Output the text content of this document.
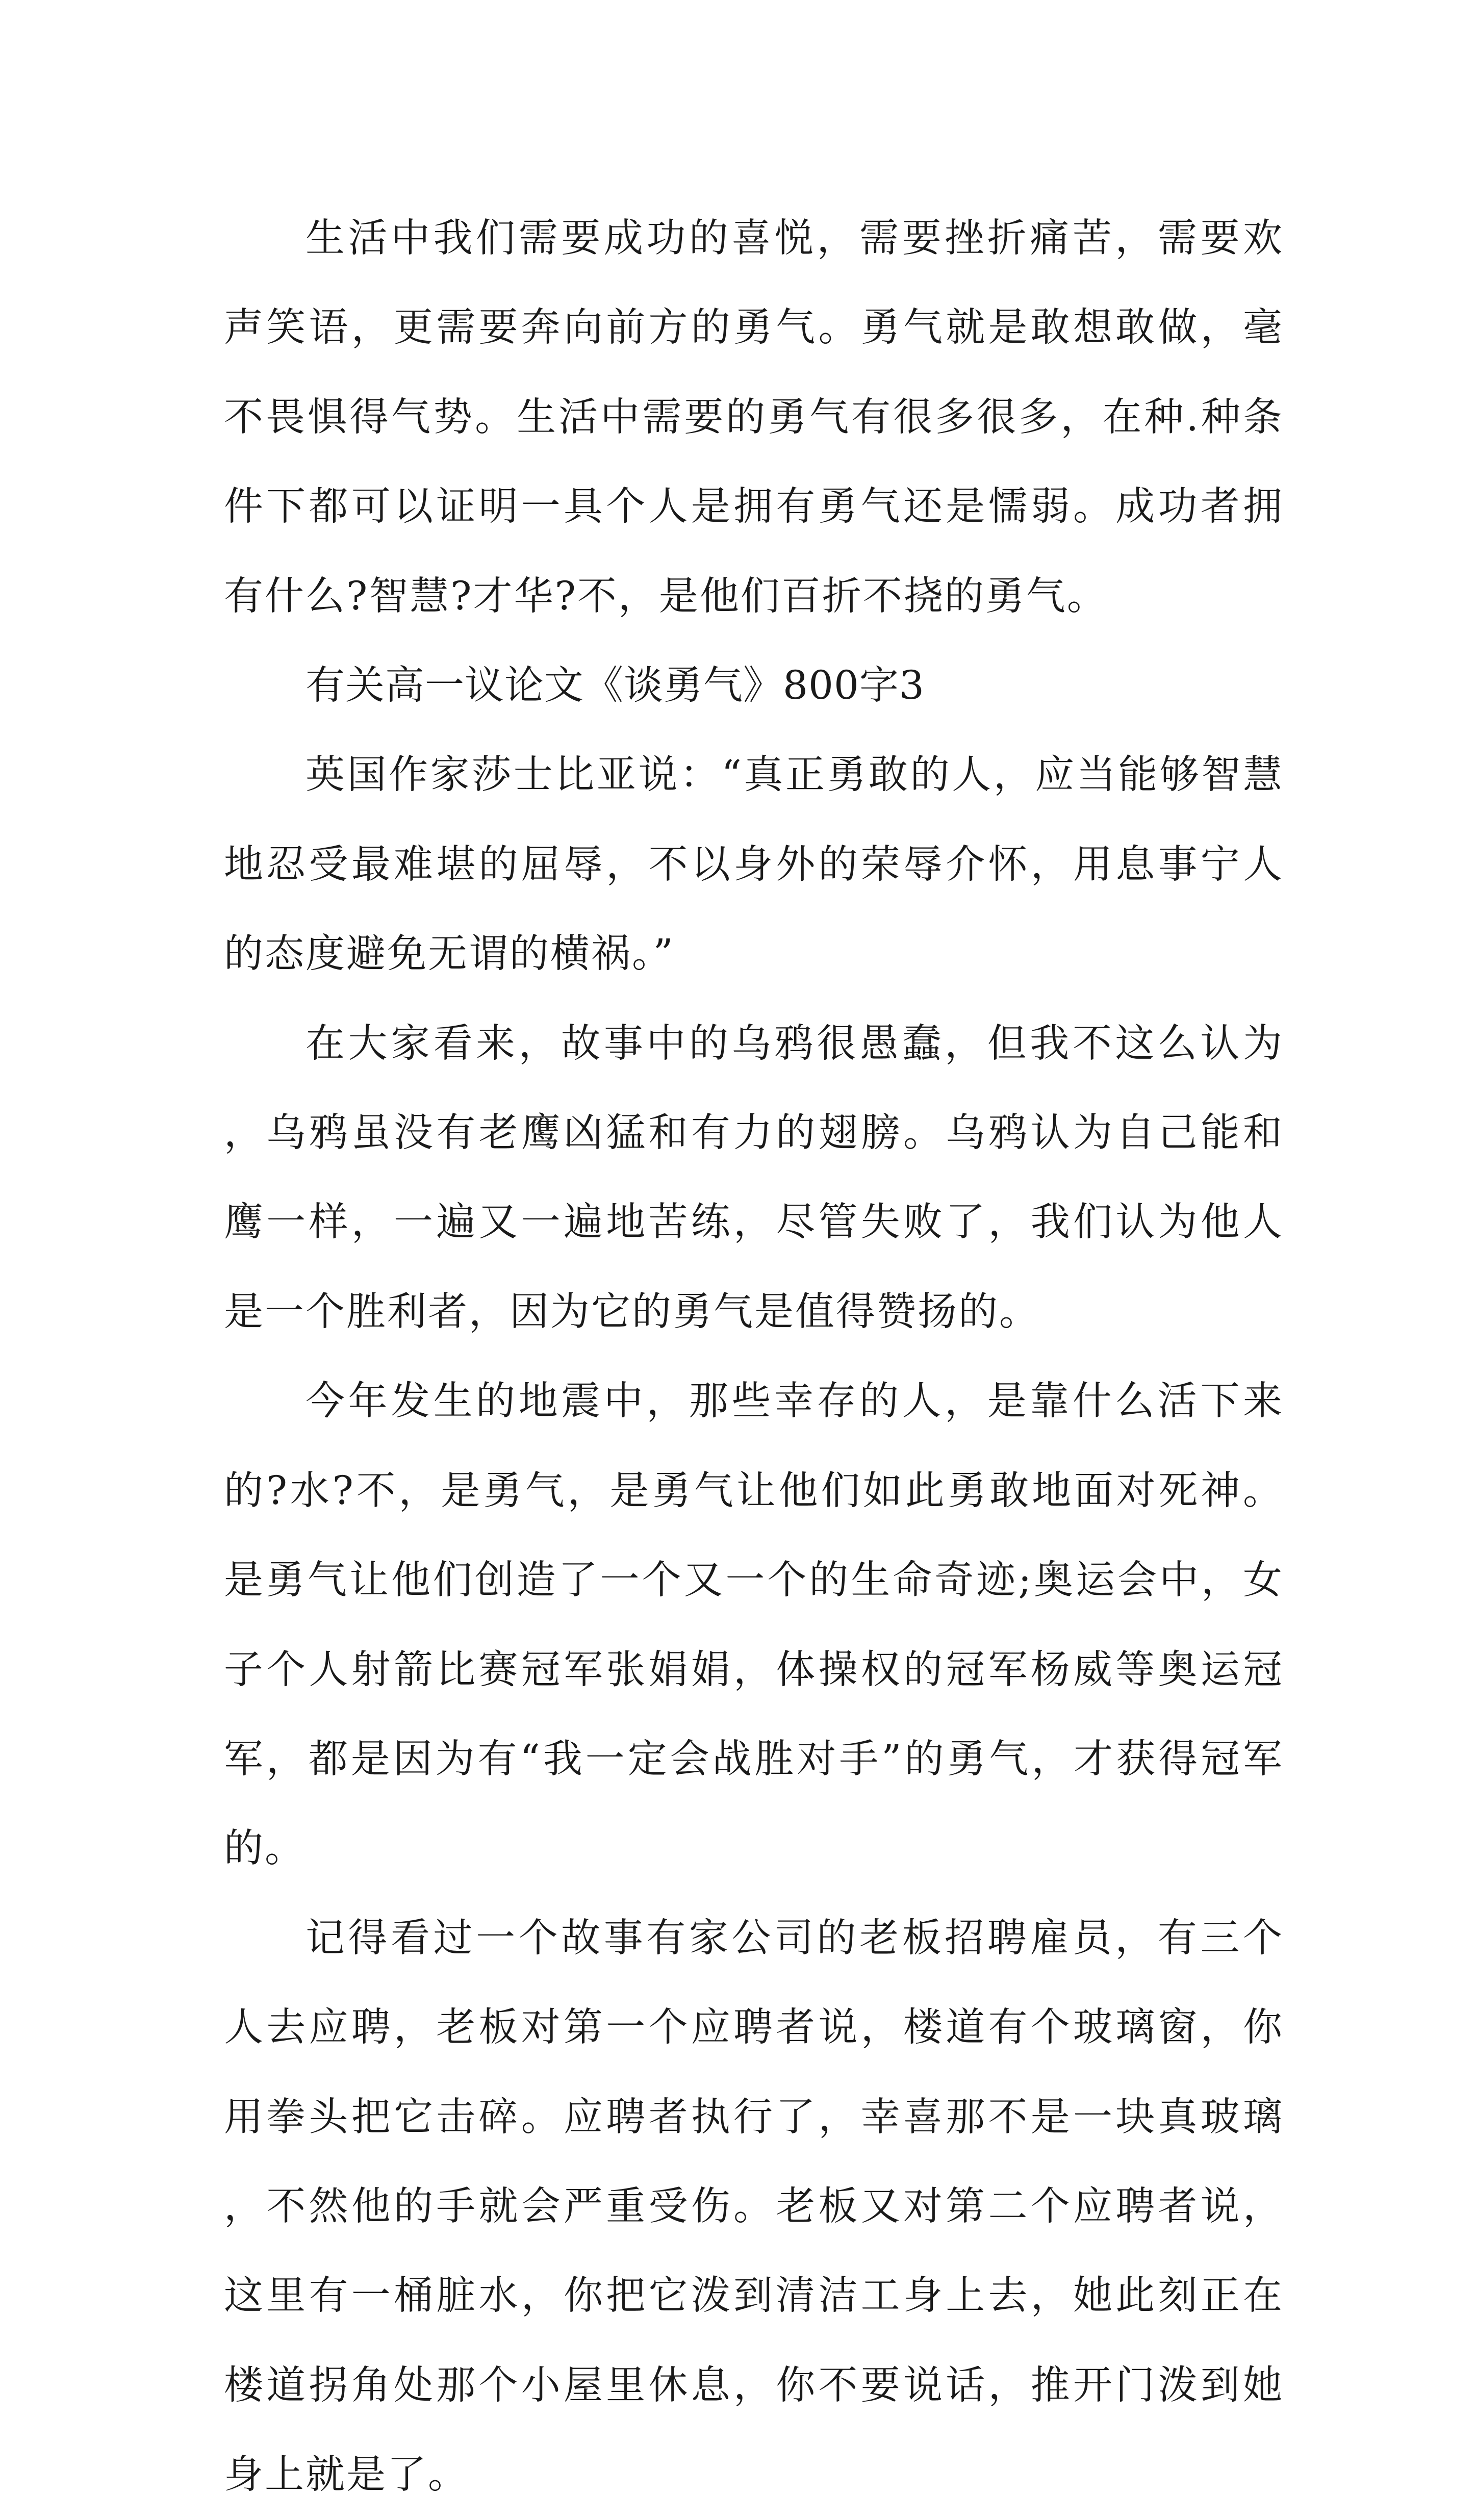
生活中我们需要成功的喜悦，需要挫折痛苦，需要欢声笑语，更需要奔向前方的勇气。勇气就是敢想敢做，毫不畏惧得气势。生活中需要的勇气有很多很多，在种.种条件下都可以证明一具个人是拥有勇气还是懦弱。成功者拥有什么?智慧?才华?不，是他们百折不挠的勇气。

有关高一议论文《谈勇气》800字3

英国作家莎士比亚说：“真正勇敢的人，应当能够智慧地忍受最难堪的屈辱，不以身外的荣辱介怀，用息事宁人的态度避免无谓的横祸。”

在大家看来，故事中的乌鸦很愚蠢，但我不这么认为，乌鸦虽没有老鹰凶猛和有力的翅膀。乌鸦认为自己能和鹰一样，一遍又一遍地苦练，尽管失败了，我们认为他人是一个胜利者，因为它的勇气是值得赞扬的。

今年发生的地震中，那些幸存的人，是靠什么活下来的?水?不，是勇气，是勇气让他们如此勇敢地面对死神。是勇气让他们创造了一个又一个的生命奇迹;奥运会中，女子个人射箭比赛冠军张娟娟，体操权的冠军杨威等奥运冠军，都是因为有“我一定会战胜对手”的勇气，才获得冠军的。

记得看过一个故事有家公司的老板招聘雇员，有三个人去应聘，老板对第一个应聘者说，楼道有个玻璃窗，你用拳头把它击碎。应聘者执行了，幸喜那不是一块真玻璃，不然他的手就会严重受伤。老板又对第二个应聘者说，这里有一桶脏水，你把它泼到清洁工身上去，她此刻正在楼道拐角处那个小屋里休息，你不要说话，推开门泼到她身上就是了。
